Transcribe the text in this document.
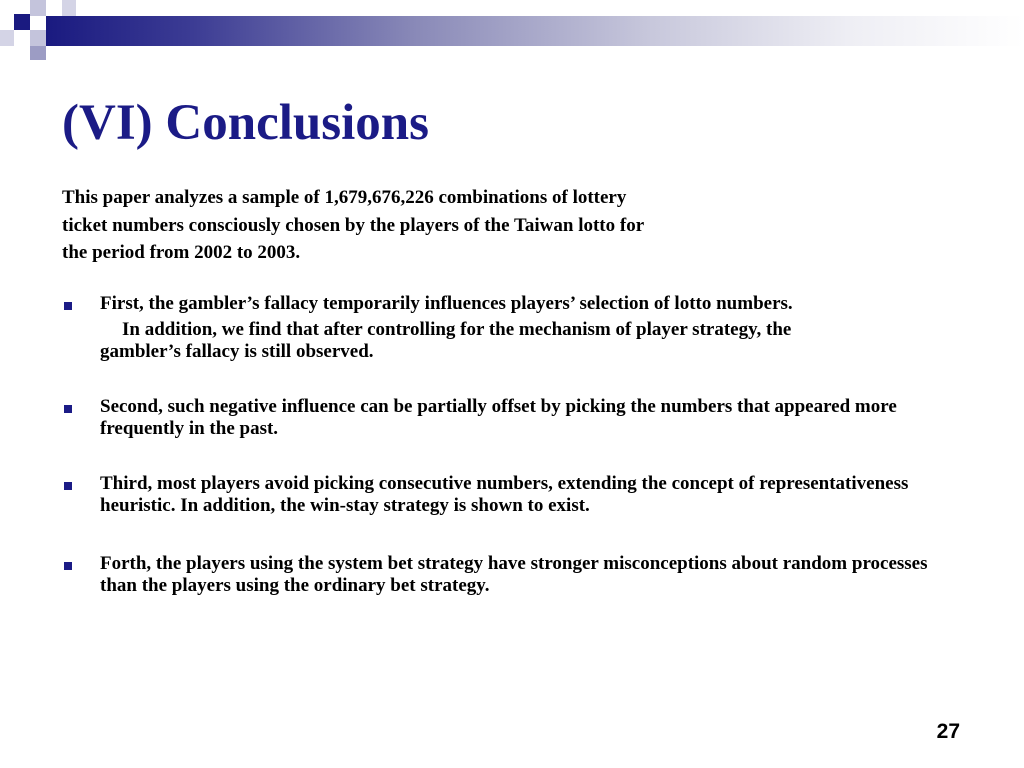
(VI) Conclusions
This paper analyzes a sample of 1,679,676,226 combinations of lottery
ticket numbers consciously chosen by the players of the Taiwan lotto for
the period from 2002 to 2003.

First, the gambler’s fallacy temporarily influences players’ selection of lotto numbers.

In addition, we find that after controlling for the mechanism of player strategy, the
gambler’s fallacy is still observed.

Second, such negative influence can be partially offset by picking the numbers that appeared more frequently in the past.

Third, most players avoid picking consecutive numbers, extending the concept of representativeness heuristic. In addition, the win-stay strategy is shown to exist.

Forth, the players using the system bet strategy have stronger misconceptions about random processes than the players using the ordinary bet strategy.

27
